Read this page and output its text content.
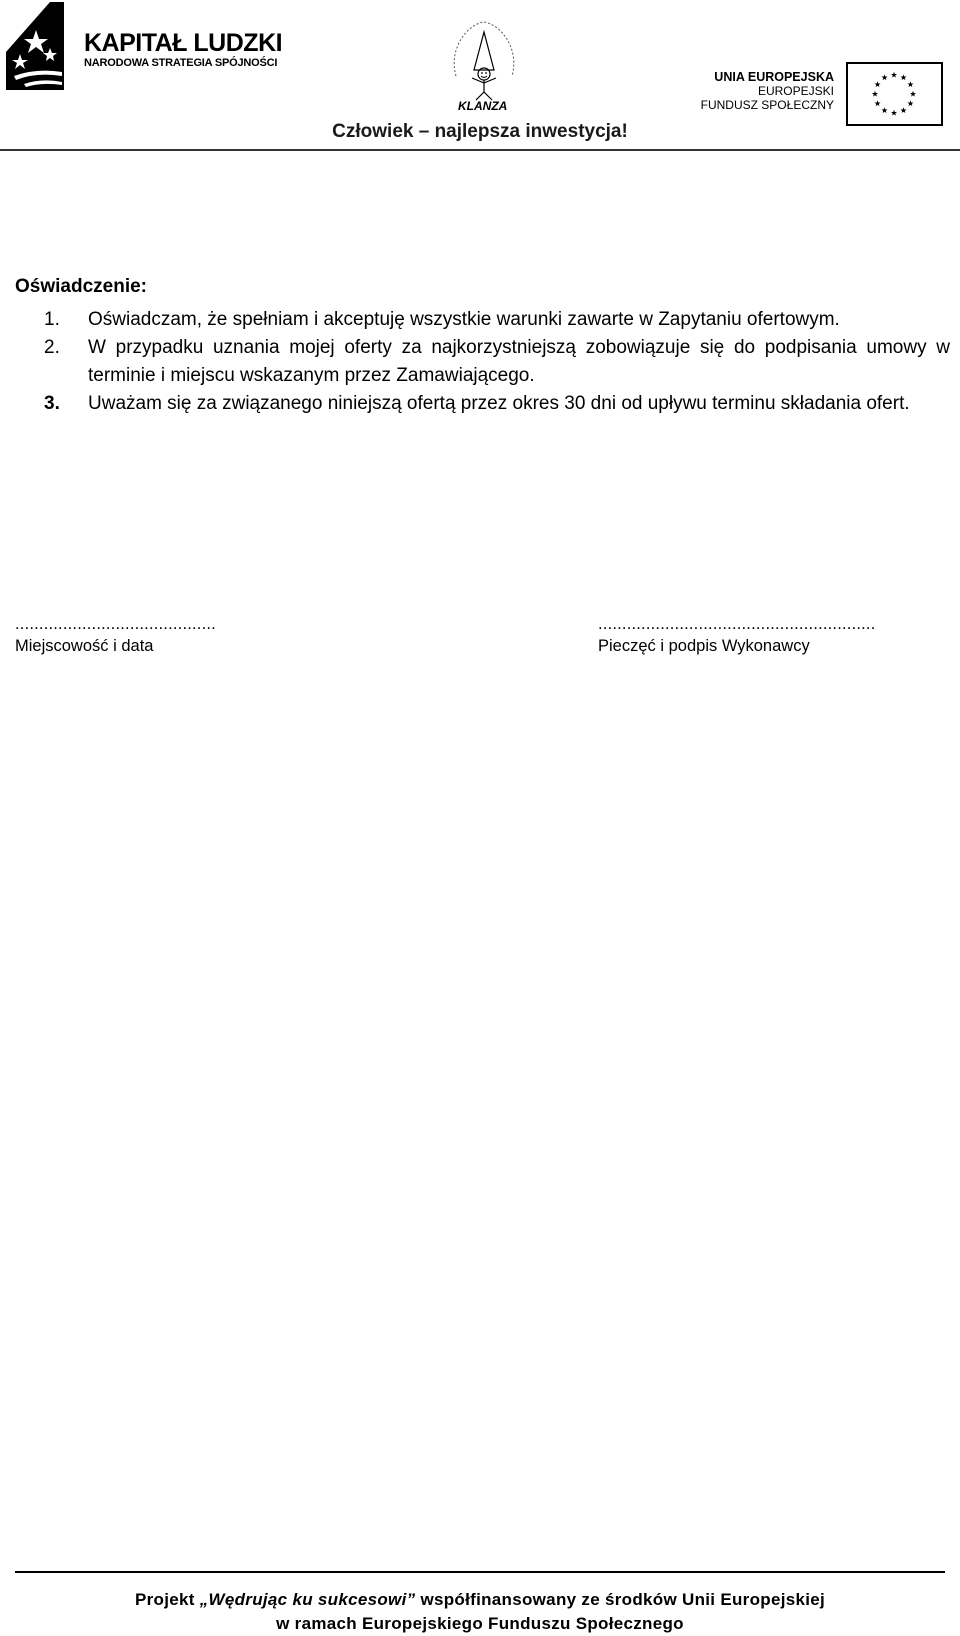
KAPITAŁ LUDZKI
NARODOWA STRATEGIA SPÓJNOŚCI
KLANZA
UNIA EUROPEJSKA
EUROPEJSKI
FUNDUSZ SPOŁECZNY
Człowiek – najlepsza inwestycja!
Oświadczenie:

1. Oświadczam, że spełniam i akceptuję wszystkie warunki zawarte w Zapytaniu ofertowym.

2. W przypadku uznania mojej oferty za najkorzystniejszą zobowiązuje się do podpisania umowy w terminie i miejscu wskazanym przez Zamawiającego.

3. Uważam się za związanego niniejszą ofertą przez okres 30 dni od upływu terminu składania ofert.

..........................................
Miejscowość i data
..........................................................
Pieczęć i podpis Wykonawcy
Projekt „Wędrując ku sukcesowi” współfinansowany ze środków Unii Europejskiej
w ramach Europejskiego Funduszu Społecznego
